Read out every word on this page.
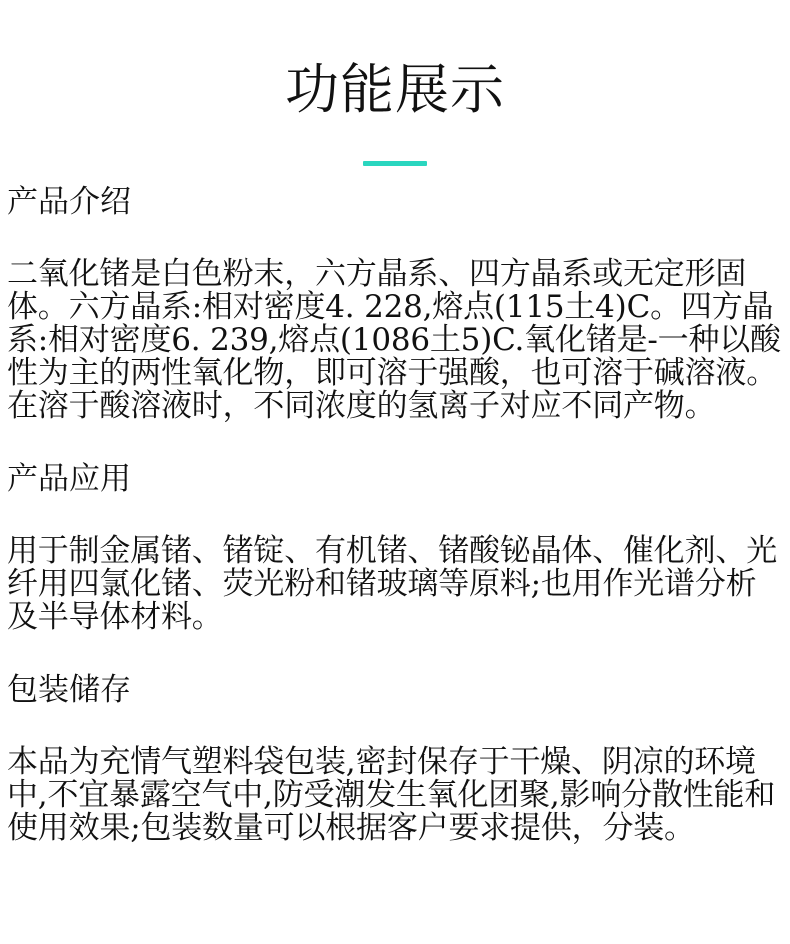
功能展示
产品介绍

二氧化锗是白色粉末，六方晶系、四方晶系或无定形固体。六方晶系:相对密度4. 228,熔点(115土4)C。四方晶系:相对密度6. 239,熔点(1086土5)C.氧化锗是-一种以酸性为主的两性氧化物，即可溶于强酸，也可溶于碱溶液。在溶于酸溶液时，不同浓度的氢离子对应不同产物。

产品应用

用于制金属锗、锗锭、有机锗、锗酸铋晶体、催化剂、光纤用四氯化锗、荧光粉和锗玻璃等原料;也用作光谱分析及半导体材料。

包装储存

本品为充情气塑料袋包装,密封保存于干燥、阴凉的环境中,不宜暴露空气中,防受潮发生氧化团聚,影响分散性能和使用效果;包装数量可以根据客户要求提供，分装。
